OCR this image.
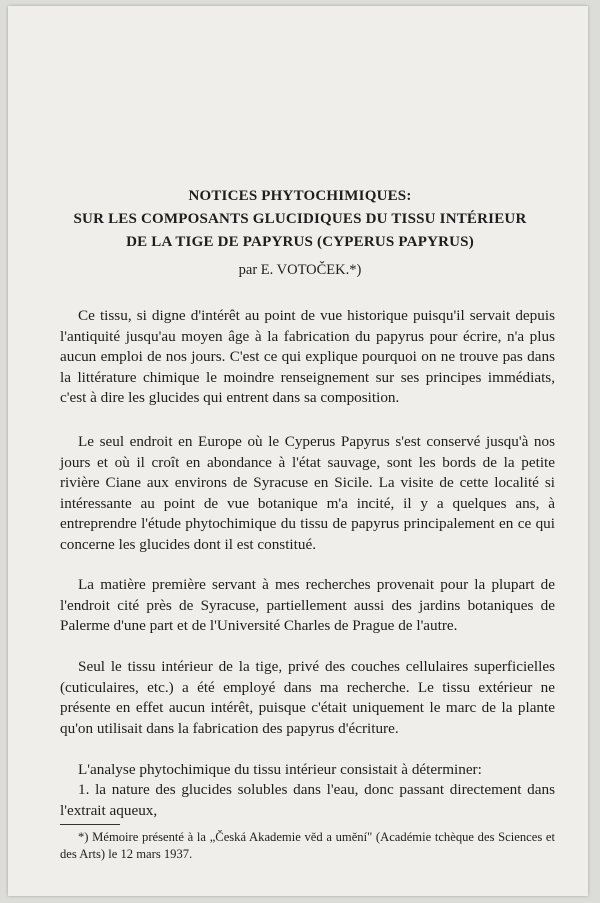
NOTICES PHYTOCHIMIQUES:
SUR LES COMPOSANTS GLUCIDIQUES DU TISSU INTÉRIEUR
DE LA TIGE DE PAPYRUS (CYPERUS PAPYRUS)
par E. VOTOČEK.*)

Ce tissu, si digne d'intérêt au point de vue historique puisqu'il servait depuis l'antiquité jusqu'au moyen âge à la fabrication du papyrus pour écrire, n'a plus aucun emploi de nos jours. C'est ce qui explique pourquoi on ne trouve pas dans la littérature chimique le moindre renseignement sur ses principes immédiats, c'est à dire les glucides qui entrent dans sa composition.

Le seul endroit en Europe où le Cyperus Papyrus s'est conservé jusqu'à nos jours et où il croît en abondance à l'état sauvage, sont les bords de la petite rivière Ciane aux environs de Syracuse en Sicile. La visite de cette localité si intéressante au point de vue botanique m'a incité, il y a quelques ans, à entreprendre l'étude phytochimique du tissu de papyrus principalement en ce qui concerne les glucides dont il est constitué.

La matière première servant à mes recherches provenait pour la plupart de l'endroit cité près de Syracuse, partiellement aussi des jardins botaniques de Palerme d'une part et de l'Université Charles de Prague de l'autre.

Seul le tissu intérieur de la tige, privé des couches cellulaires superficielles (cuticulaires, etc.) a été employé dans ma recherche. Le tissu extérieur ne présente en effet aucun intérêt, puisque c'était uniquement le marc de la plante qu'on utilisait dans la fabrication des papyrus d'écriture.

L'analyse phytochimique du tissu intérieur consistait à déterminer:

1. la nature des glucides solubles dans l'eau, donc passant directement dans l'extrait aqueux,

*) Mémoire présenté à la „Česká Akademie věd a umění" (Académie tchèque des Sciences et des Arts) le 12 mars 1937.
